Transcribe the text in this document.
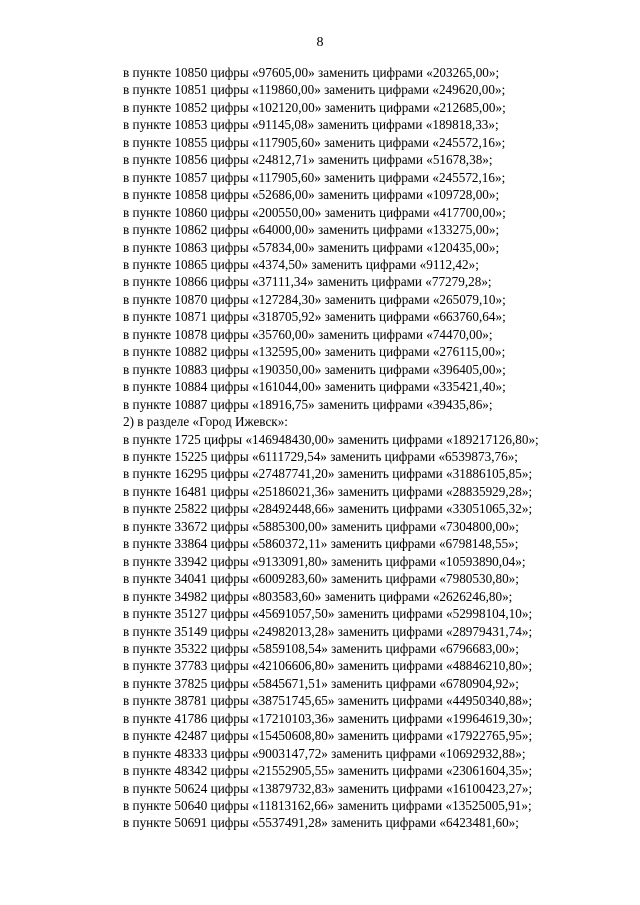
8
в пункте 10850 цифры «97605,00» заменить цифрами «203265,00»;
в пункте 10851 цифры «119860,00» заменить цифрами «249620,00»;
в пункте 10852 цифры «102120,00» заменить цифрами «212685,00»;
в пункте 10853 цифры «91145,08» заменить цифрами «189818,33»;
в пункте 10855 цифры «117905,60» заменить цифрами «245572,16»;
в пункте 10856 цифры «24812,71» заменить цифрами «51678,38»;
в пункте 10857 цифры «117905,60» заменить цифрами «245572,16»;
в пункте 10858 цифры «52686,00» заменить цифрами «109728,00»;
в пункте 10860 цифры «200550,00» заменить цифрами «417700,00»;
в пункте 10862 цифры «64000,00» заменить цифрами «133275,00»;
в пункте 10863 цифры «57834,00» заменить цифрами «120435,00»;
в пункте 10865 цифры «4374,50» заменить цифрами «9112,42»;
в пункте 10866 цифры «37111,34» заменить цифрами «77279,28»;
в пункте 10870 цифры «127284,30» заменить цифрами «265079,10»;
в пункте 10871 цифры «318705,92» заменить цифрами «663760,64»;
в пункте 10878 цифры «35760,00» заменить цифрами «74470,00»;
в пункте 10882 цифры «132595,00» заменить цифрами «276115,00»;
в пункте 10883 цифры «190350,00» заменить цифрами «396405,00»;
в пункте 10884 цифры «161044,00» заменить цифрами «335421,40»;
в пункте 10887 цифры «18916,75» заменить цифрами «39435,86»;
2) в разделе «Город Ижевск»:
в пункте 1725 цифры «146948430,00» заменить цифрами «189217126,80»;
в пункте 15225 цифры «6111729,54» заменить цифрами «6539873,76»;
в пункте 16295 цифры «27487741,20» заменить цифрами «31886105,85»;
в пункте 16481 цифры «25186021,36» заменить цифрами «28835929,28»;
в пункте 25822 цифры «28492448,66» заменить цифрами «33051065,32»;
в пункте 33672 цифры «5885300,00» заменить цифрами «7304800,00»;
в пункте 33864 цифры «5860372,11» заменить цифрами «6798148,55»;
в пункте 33942 цифры «9133091,80» заменить цифрами «10593890,04»;
в пункте 34041 цифры «6009283,60» заменить цифрами «7980530,80»;
в пункте 34982 цифры «803583,60» заменить цифрами «2626246,80»;
в пункте 35127 цифры «45691057,50» заменить цифрами «52998104,10»;
в пункте 35149 цифры «24982013,28» заменить цифрами «28979431,74»;
в пункте 35322 цифры «5859108,54» заменить цифрами «6796683,00»;
в пункте 37783 цифры «42106606,80» заменить цифрами «48846210,80»;
в пункте 37825 цифры «5845671,51» заменить цифрами «6780904,92»;
в пункте 38781 цифры «38751745,65» заменить цифрами «44950340,88»;
в пункте 41786 цифры «17210103,36» заменить цифрами «19964619,30»;
в пункте 42487 цифры «15450608,80» заменить цифрами «17922765,95»;
в пункте 48333 цифры «9003147,72» заменить цифрами «10692932,88»;
в пункте 48342 цифры «21552905,55» заменить цифрами «23061604,35»;
в пункте 50624 цифры «13879732,83» заменить цифрами «16100423,27»;
в пункте 50640 цифры «11813162,66» заменить цифрами «13525005,91»;
в пункте 50691 цифры «5537491,28» заменить цифрами «6423481,60»;
